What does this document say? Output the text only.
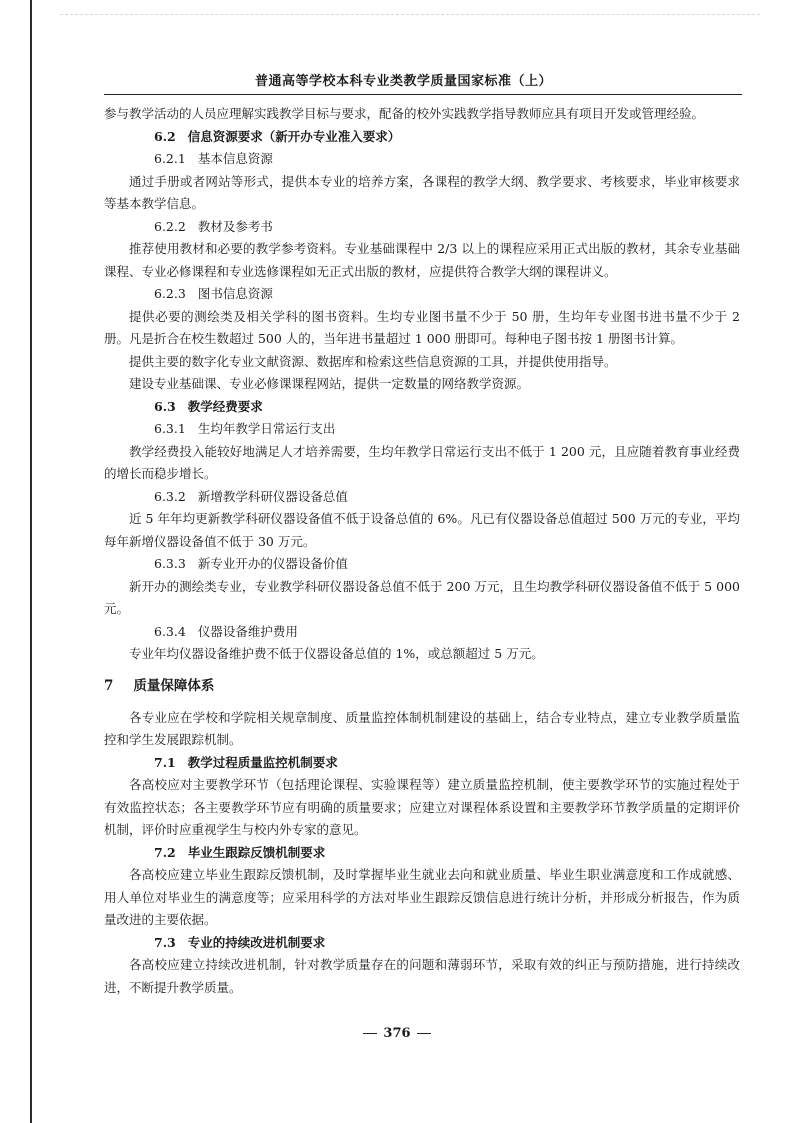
普通高等学校本科专业类教学质量国家标准（上）

参与教学活动的人员应理解实践教学目标与要求，配备的校外实践教学指导教师应具有项目开发或管理经验。

6.2 信息资源要求（新开办专业准入要求）
6.2.1 基本信息资源

通过手册或者网站等形式，提供本专业的培养方案，各课程的教学大纲、教学要求、考核要求，毕业审核要求等基本教学信息。

6.2.2 教材及参考书

推荐使用教材和必要的教学参考资料。专业基础课程中 2/3 以上的课程应采用正式出版的教材，其余专业基础课程、专业必修课程和专业选修课程如无正式出版的教材，应提供符合教学大纲的课程讲义。

6.2.3 图书信息资源

提供必要的测绘类及相关学科的图书资料。生均专业图书量不少于 50 册，生均年专业图书进书量不少于 2 册。凡是折合在校生数超过 500 人的，当年进书量超过 1 000 册即可。每种电子图书按 1 册图书计算。

提供主要的数字化专业文献资源、数据库和检索这些信息资源的工具，并提供使用指导。

建设专业基础课、专业必修课课程网站，提供一定数量的网络教学资源。

6.3 教学经费要求
6.3.1 生均年教学日常运行支出

教学经费投入能较好地满足人才培养需要，生均年教学日常运行支出不低于 1 200 元，且应随着教育事业经费的增长而稳步增长。

6.3.2 新增教学科研仪器设备总值

近 5 年年均更新教学科研仪器设备值不低于设备总值的 6%。凡已有仪器设备总值超过 500 万元的专业，平均每年新增仪器设备值不低于 30 万元。

6.3.3 新专业开办的仪器设备价值

新开办的测绘类专业，专业教学科研仪器设备总值不低于 200 万元，且生均教学科研仪器设备值不低于 5 000 元。

6.3.4 仪器设备维护费用

专业年均仪器设备维护费不低于仪器设备总值的 1%，或总额超过 5 万元。

7 质量保障体系

各专业应在学校和学院相关规章制度、质量监控体制机制建设的基础上，结合专业特点，建立专业教学质量监控和学生发展跟踪机制。

7.1 教学过程质量监控机制要求

各高校应对主要教学环节（包括理论课程、实验课程等）建立质量监控机制，使主要教学环节的实施过程处于有效监控状态；各主要教学环节应有明确的质量要求；应建立对课程体系设置和主要教学环节教学质量的定期评价机制，评价时应重视学生与校内外专家的意见。

7.2 毕业生跟踪反馈机制要求

各高校应建立毕业生跟踪反馈机制，及时掌握毕业生就业去向和就业质量、毕业生职业满意度和工作成就感、用人单位对毕业生的满意度等；应采用科学的方法对毕业生跟踪反馈信息进行统计分析，并形成分析报告，作为质量改进的主要依据。

7.3 专业的持续改进机制要求

各高校应建立持续改进机制，针对教学质量存在的问题和薄弱环节，采取有效的纠正与预防措施，进行持续改进，不断提升教学质量。

376
